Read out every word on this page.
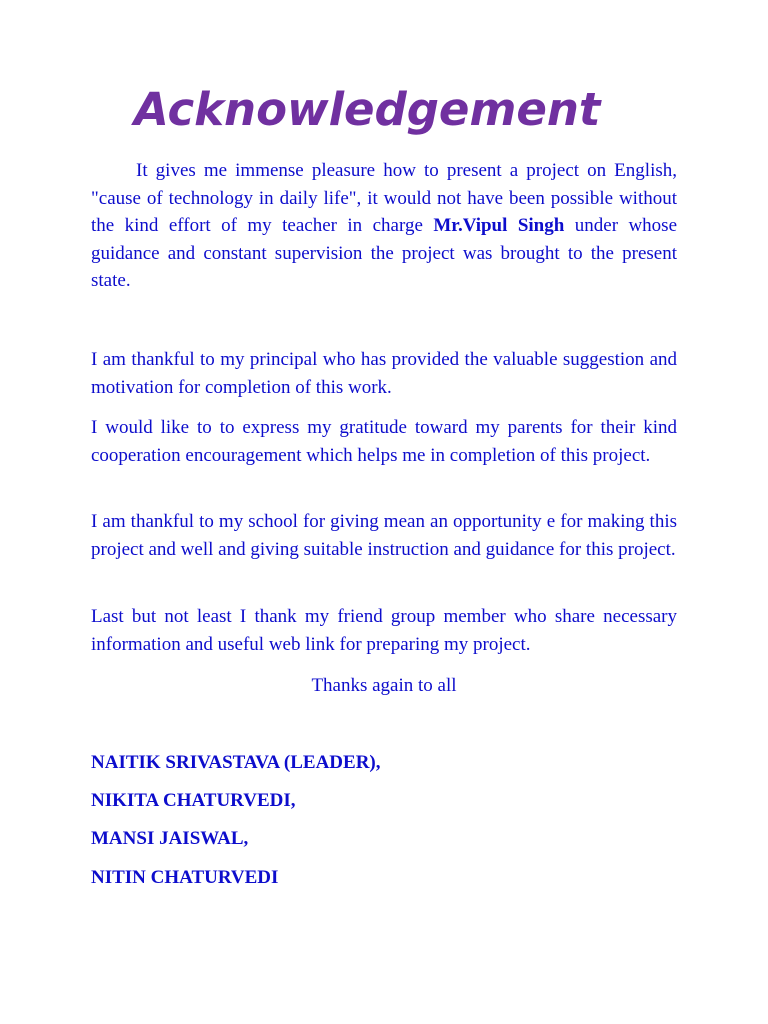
Acknowledgement

It gives me immense pleasure how to present a project on English, "cause of technology in daily life", it would not have been possible without the kind effort of my teacher in charge Mr.Vipul Singh under whose guidance and constant supervision the project was brought to the present state.

I am thankful to my principal who has provided the valuable suggestion and motivation for completion of this work.

I would like to to express my gratitude toward my parents for their kind cooperation encouragement which helps me in completion of this project.

I am thankful to my school for giving mean an opportunity e for making this project and well and giving suitable instruction and guidance for this project.

Last but not least I thank my friend group member who share necessary information and useful web link for preparing my project.

Thanks again to all

NAITIK SRIVASTAVA (LEADER),

NIKITA CHATURVEDI,

MANSI JAISWAL,

NITIN CHATURVEDI
